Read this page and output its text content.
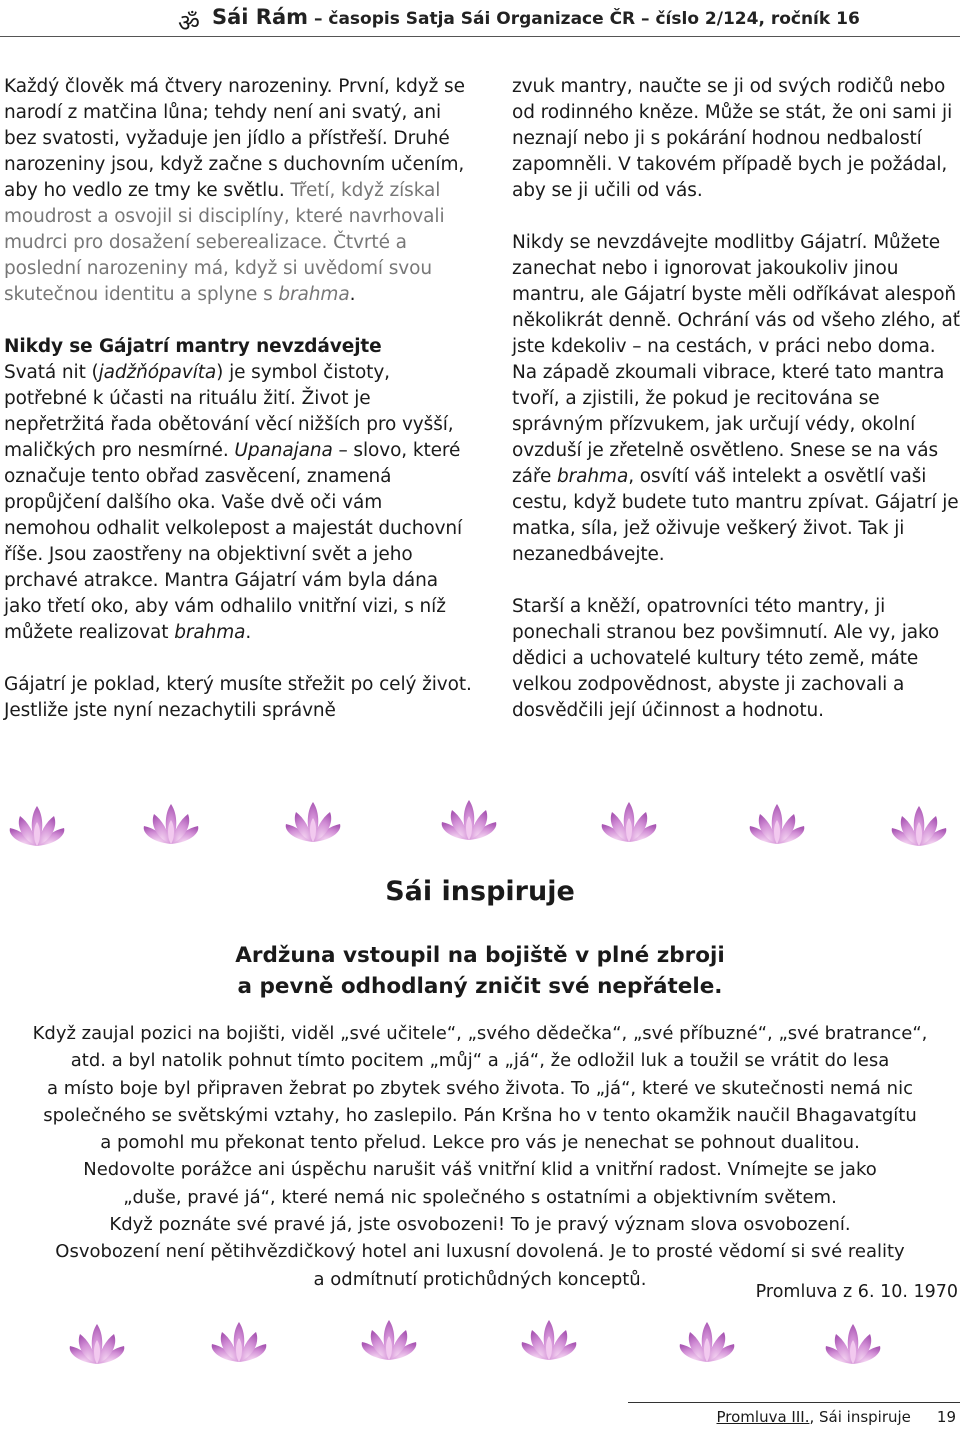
ॐ Sái Rám – časopis Satja Sái Organizace ČR – číslo 2/124, ročník 16

Každý člověk má čtvery narozeniny. První, když se narodí z matčina lůna; tehdy není ani svatý, ani bez svatosti, vyžaduje jen jídlo a přístřeší. Druhé narozeniny jsou, když začne s duchovním učením, aby ho vedlo ze tmy ke světlu. Třetí, když získal moudrost a osvojil si disciplíny, které navrhovali mudrci pro dosažení seberealizace. Čtvrté a poslední narozeniny má, když si uvědomí svou skutečnou identitu a splyne s brahma.

Nikdy se Gájatrí mantry nevzdávejte

Svatá nit (jadžňópavíta) je symbol čistoty, potřebné k účasti na rituálu žití. Život je nepřetržitá řada obětování věcí nižších pro vyšší, maličkých pro nesmírné. Upanajana – slovo, které označuje tento obřad zasvěcení, znamená propůjčení dalšího oka. Vaše dvě oči vám nemohou odhalit velkolepost a majestát duchovní říše. Jsou zaostřeny na objektivní svět a jeho prchavé atrakce. Mantra Gájatrí vám byla dána jako třetí oko, aby vám odhalilo vnitřní vizi, s níž můžete realizovat brahma.

Gájatrí je poklad, který musíte střežit po celý život. Jestliže jste nyní nezachytili správně

zvuk mantry, naučte se ji od svých rodičů nebo od rodinného kněze. Může se stát, že oni sami ji neznají nebo ji s pokárání hodnou nedbalostí zapomněli. V takovém případě bych je požádal, aby se ji učili od vás.

Nikdy se nevzdávejte modlitby Gájatrí. Můžete zanechat nebo i ignorovat jakoukoliv jinou mantru, ale Gájatrí byste měli odříkávat alespoň několikrát denně. Ochrání vás od všeho zlého, ať jste kdekoliv – na cestách, v práci nebo doma. Na západě zkoumali vibrace, které tato mantra tvoří, a zjistili, že pokud je recitována se správným přízvukem, jak určují védy, okolní ovzduší je zřetelně osvětleno. Snese se na vás záře brahma, osvítí váš intelekt a osvětlí vaši cestu, když budete tuto mantru zpívat. Gájatrí je matka, síla, jež oživuje veškerý život. Tak ji nezanedbávejte.

Starší a kněží, opatrovníci této mantry, ji ponechali stranou bez povšimnutí. Ale vy, jako dědici a uchovatelé kultury této země, máte velkou zodpovědnost, abyste ji zachovali a dosvědčili její účinnost a hodnotu.

Sái inspiruje

Ardžuna vstoupil na bojiště v plné zbroji

a pevně odhodlaný zničit své nepřátele.

Když zaujal pozici na bojišti, viděl „své učitele“, „svého dědečka“, „své příbuzné“, „své bratrance“,

atd. a byl natolik pohnut tímto pocitem „můj“ a „já“, že odložil luk a toužil se vrátit do lesa

a místo boje byl připraven žebrat po zbytek svého života. To „já“, které ve skutečnosti nemá nic

společného se světskými vztahy, ho zaslepilo. Pán Kršna ho v tento okamžik naučil Bhagavatgítu

a pomohl mu překonat tento přelud. Lekce pro vás je nenechat se pohnout dualitou.

Nedovolte porážce ani úspěchu narušit váš vnitřní klid a vnitřní radost. Vnímejte se jako

„duše, pravé já“, které nemá nic společného s ostatními a objektivním světem.

Když poznáte své pravé já, jste osvobozeni! To je pravý význam slova osvobození.

Osvobození není pětihvězdičkový hotel ani luxusní dovolená. Je to prosté vědomí si své reality

a odmítnutí protichůdných konceptů.

Promluva z 6. 10. 1970
Promluva III., Sái inspiruje 19
